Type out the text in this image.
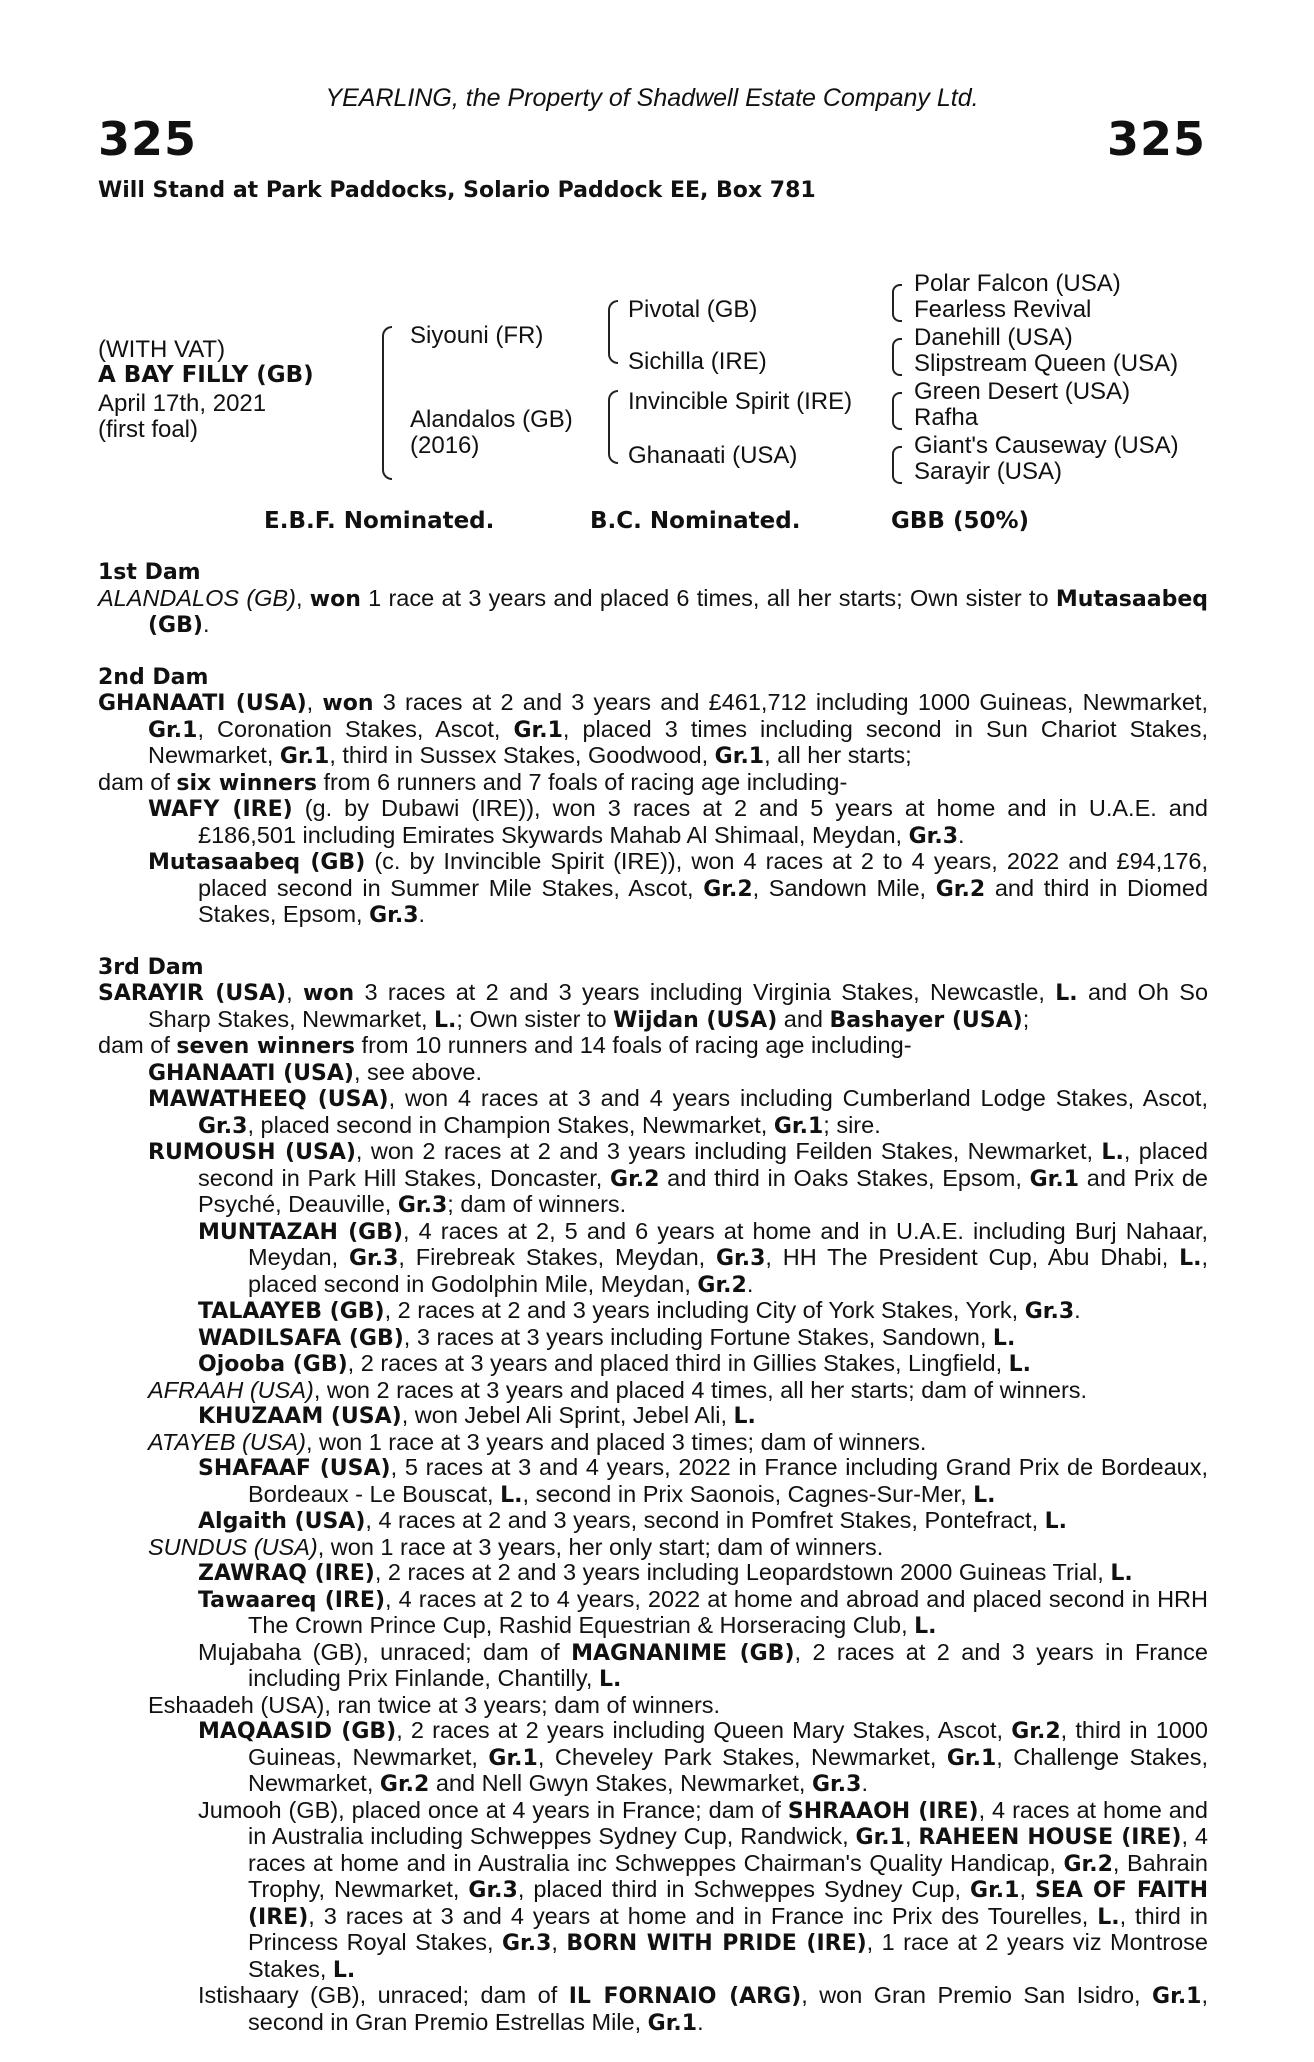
YEARLING, the Property of Shadwell Estate Company Ltd.
325	325
Will Stand at Park Paddocks, Solario Paddock EE, Box 781
(WITH VAT)
A BAY FILLY (GB)
April 17th, 2021
(first foal)
Siyouni (FR)
Alandalos (GB)
(2016)
Pivotal (GB)
Sichilla (IRE)
Invincible Spirit (IRE)
Ghanaati (USA)
Polar Falcon (USA)
Fearless Revival
Danehill (USA)
Slipstream Queen (USA)
Green Desert (USA)
Rafha
Giant's Causeway (USA)
Sarayir (USA)
E.B.F. Nominated.	B.C. Nominated.	GBB (50%)
1st Dam
ALANDALOS (GB), won 1 race at 3 years and placed 6 times, all her starts; Own sister to Mutasaabeq (GB).
2nd Dam
GHANAATI (USA), won 3 races at 2 and 3 years and £461,712 including 1000 Guineas, Newmarket, Gr.1, Coronation Stakes, Ascot, Gr.1, placed 3 times including second in Sun Chariot Stakes, Newmarket, Gr.1, third in Sussex Stakes, Goodwood, Gr.1, all her starts;
dam of six winners from 6 runners and 7 foals of racing age including-
WAFY (IRE) (g. by Dubawi (IRE)), won 3 races at 2 and 5 years at home and in U.A.E. and £186,501 including Emirates Skywards Mahab Al Shimaal, Meydan, Gr.3.
Mutasaabeq (GB) (c. by Invincible Spirit (IRE)), won 4 races at 2 to 4 years, 2022 and £94,176, placed second in Summer Mile Stakes, Ascot, Gr.2, Sandown Mile, Gr.2 and third in Diomed Stakes, Epsom, Gr.3.
3rd Dam
SARAYIR (USA), won 3 races at 2 and 3 years including Virginia Stakes, Newcastle, L. and Oh So Sharp Stakes, Newmarket, L.; Own sister to Wijdan (USA) and Bashayer (USA);
dam of seven winners from 10 runners and 14 foals of racing age including-
GHANAATI (USA), see above.
MAWATHEEQ (USA), won 4 races at 3 and 4 years including Cumberland Lodge Stakes, Ascot, Gr.3, placed second in Champion Stakes, Newmarket, Gr.1; sire.
RUMOUSH (USA), won 2 races at 2 and 3 years including Feilden Stakes, Newmarket, L., placed second in Park Hill Stakes, Doncaster, Gr.2 and third in Oaks Stakes, Epsom, Gr.1 and Prix de Psyché, Deauville, Gr.3; dam of winners.
MUNTAZAH (GB), 4 races at 2, 5 and 6 years at home and in U.A.E. including Burj Nahaar, Meydan, Gr.3, Firebreak Stakes, Meydan, Gr.3, HH The President Cup, Abu Dhabi, L., placed second in Godolphin Mile, Meydan, Gr.2.
TALAAYEB (GB), 2 races at 2 and 3 years including City of York Stakes, York, Gr.3.
WADILSAFA (GB), 3 races at 3 years including Fortune Stakes, Sandown, L.
Ojooba (GB), 2 races at 3 years and placed third in Gillies Stakes, Lingfield, L.
AFRAAH (USA), won 2 races at 3 years and placed 4 times, all her starts; dam of winners.
KHUZAAM (USA), won Jebel Ali Sprint, Jebel Ali, L.
ATAYEB (USA), won 1 race at 3 years and placed 3 times; dam of winners.
SHAFAAF (USA), 5 races at 3 and 4 years, 2022 in France including Grand Prix de Bordeaux, Bordeaux - Le Bouscat, L., second in Prix Saonois, Cagnes-Sur-Mer, L.
Algaith (USA), 4 races at 2 and 3 years, second in Pomfret Stakes, Pontefract, L.
SUNDUS (USA), won 1 race at 3 years, her only start; dam of winners.
ZAWRAQ (IRE), 2 races at 2 and 3 years including Leopardstown 2000 Guineas Trial, L.
Tawaareq (IRE), 4 races at 2 to 4 years, 2022 at home and abroad and placed second in HRH The Crown Prince Cup, Rashid Equestrian & Horseracing Club, L.
Mujabaha (GB), unraced; dam of MAGNANIME (GB), 2 races at 2 and 3 years in France including Prix Finlande, Chantilly, L.
Eshaadeh (USA), ran twice at 3 years; dam of winners.
MAQAASID (GB), 2 races at 2 years including Queen Mary Stakes, Ascot, Gr.2, third in 1000 Guineas, Newmarket, Gr.1, Cheveley Park Stakes, Newmarket, Gr.1, Challenge Stakes, Newmarket, Gr.2 and Nell Gwyn Stakes, Newmarket, Gr.3.
Jumooh (GB), placed once at 4 years in France; dam of SHRAAOH (IRE), 4 races at home and in Australia including Schweppes Sydney Cup, Randwick, Gr.1, RAHEEN HOUSE (IRE), 4 races at home and in Australia inc Schweppes Chairman's Quality Handicap, Gr.2, Bahrain Trophy, Newmarket, Gr.3, placed third in Schweppes Sydney Cup, Gr.1, SEA OF FAITH (IRE), 3 races at 3 and 4 years at home and in France inc Prix des Tourelles, L., third in Princess Royal Stakes, Gr.3, BORN WITH PRIDE (IRE), 1 race at 2 years viz Montrose Stakes, L.
Istishaary (GB), unraced; dam of IL FORNAIO (ARG), won Gran Premio San Isidro, Gr.1, second in Gran Premio Estrellas Mile, Gr.1.
